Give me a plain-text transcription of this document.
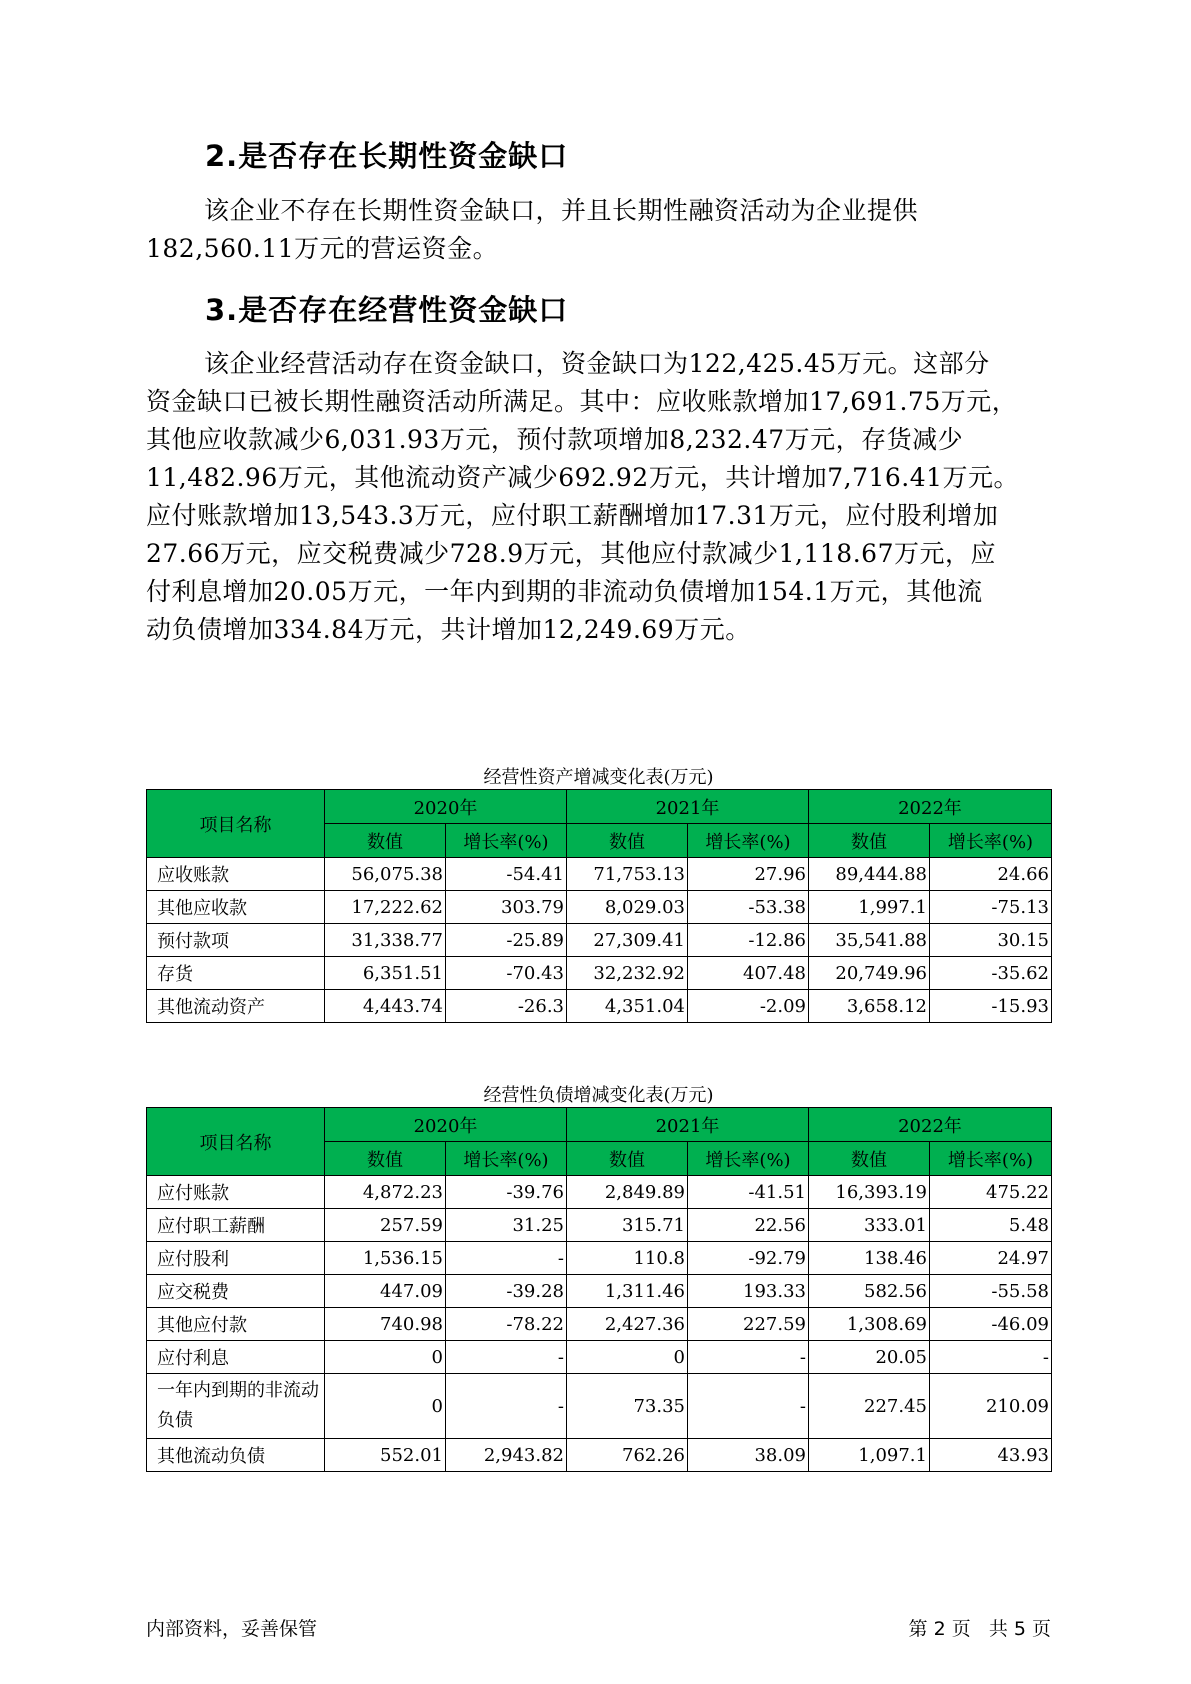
2.是否存在长期性资金缺口
该企业不存在长期性资金缺口，并且长期性融资活动为企业提供
182,560.11万元的营运资金。
3.是否存在经营性资金缺口
该企业经营活动存在资金缺口，资金缺口为122,425.45万元。这部分
资金缺口已被长期性融资活动所满足。其中：应收账款增加17,691.75万元，
其他应收款减少6,031.93万元，预付款项增加8,232.47万元，存货减少
11,482.96万元，其他流动资产减少692.92万元，共计增加7,716.41万元。
应付账款增加13,543.3万元，应付职工薪酬增加17.31万元，应付股利增加
27.66万元，应交税费减少728.9万元，其他应付款减少1,118.67万元，应
付利息增加20.05万元，一年内到期的非流动负债增加154.1万元，其他流
动负债增加334.84万元，共计增加12,249.69万元。
经营性资产增减变化表(万元)
项目名称	2020年		2021年		2022年	
	数值	增长率(%)	数值	增长率(%)	数值	增长率(%)
应收账款	56,075.38	-54.41	71,753.13	27.96	89,444.88	24.66
其他应收款	17,222.62	303.79	8,029.03	-53.38	1,997.1	-75.13
预付款项	31,338.77	-25.89	27,309.41	-12.86	35,541.88	30.15
存货	6,351.51	-70.43	32,232.92	407.48	20,749.96	-35.62
其他流动资产	4,443.74	-26.3	4,351.04	-2.09	3,658.12	-15.93
经营性负债增减变化表(万元)
项目名称	2020年		2021年		2022年	
	数值	增长率(%)	数值	增长率(%)	数值	增长率(%)
应付账款	4,872.23	-39.76	2,849.89	-41.51	16,393.19	475.22
应付职工薪酬	257.59	31.25	315.71	22.56	333.01	5.48
应付股利	1,536.15	-	110.8	-92.79	138.46	24.97
应交税费	447.09	-39.28	1,311.46	193.33	582.56	-55.58
其他应付款	740.98	-78.22	2,427.36	227.59	1,308.69	-46.09
应付利息	0	-	0	-	20.05	-
一年内到期的非流动负债	0	-	73.35	-	227.45	210.09
其他流动负债	552.01	2,943.82	762.26	38.09	1,097.1	43.93
内部资料，妥善保管	第 2 页   共 5 页
